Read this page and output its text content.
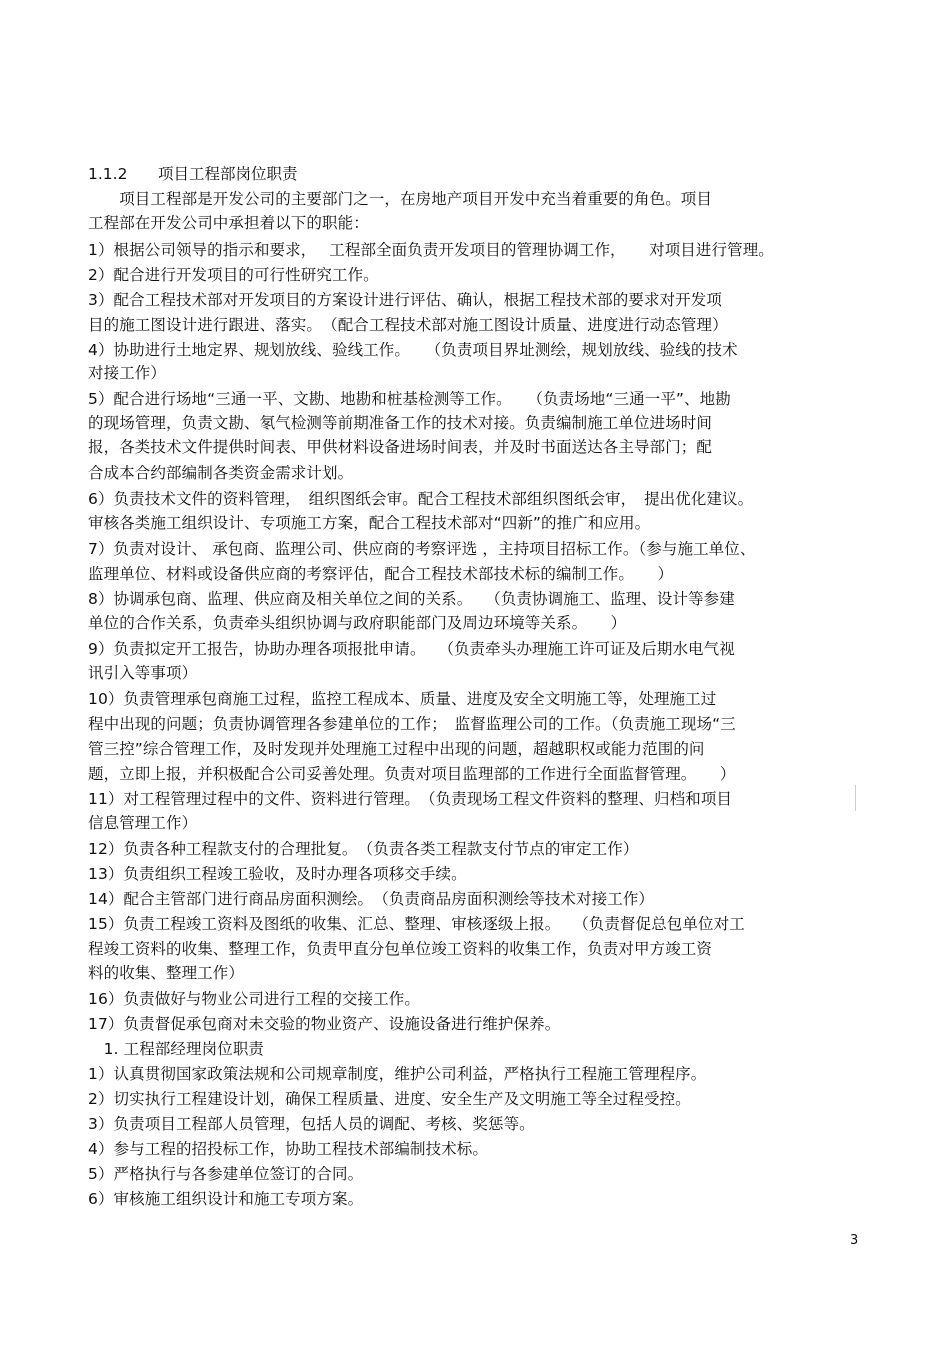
1.1.2 项目工程部岗位职责
　　项目工程部是开发公司的主要部门之一，在房地产项目开发中充当着重要的角色。项目
工程部在开发公司中承担着以下的职能：
1）根据公司领导的指示和要求，　 工程部全面负责开发项目的管理协调工作，　　对项目进行管理。
2）配合进行开发项目的可行性研究工作。
3）配合工程技术部对开发项目的方案设计进行评估、确认，根据工程技术部的要求对开发项
目的施工图设计进行跟进、落实。　（配合工程技术部对施工图设计质量、进度进行动态管理）
4）协助进行土地定界、规划放线、验线工作。　　（负责项目界址测绘，规划放线、验线的技术
对接工作）
5）配合进行场地“三通一平、文勘、地勘和桩基检测等工作。　　（负责场地“三通一平”、地勘
的现场管理，负责文勘、氡气检测等前期准备工作的技术对接。负责编制施工单位进场时间
报，各类技术文件提供时间表、甲供材料设备进场时间表，并及时书面送达各主导部门；配
合成本合约部编制各类资金需求计划。
6）负责技术文件的资料管理，　组织图纸会审。配合工程技术部组织图纸会审，　提出优化建议。
审核各类施工组织设计、专项施工方案，配合工程技术部对“四新”的推广和应用。
7）负责对设计、 承包商、监理公司、供应商的考察评选 ，主持项目招标工作。（参与施工单位、
监理单位、材料或设备供应商的考察评估，配合工程技术部技术标的编制工作。　　）
8）协调承包商、监理、供应商及相关单位之间的关系。　 （负责协调施工、监理、设计等参建
单位的合作关系，负责牵头组织协调与政府职能部门及周边环境等关系。　　）
9）负责拟定开工报告，协助办理各项报批申请。　 （负责牵头办理施工许可证及后期水电气视
讯引入等事项）
10）负责管理承包商施工过程，监控工程成本、质量、进度及安全文明施工等，处理施工过
程中出现的问题；负责协调管理各参建单位的工作；　监督监理公司的工作。（负责施工现场“三
管三控”综合管理工作，及时发现并处理施工过程中出现的问题，超越职权或能力范围的问
题，立即上报，并积极配合公司妥善处理。负责对项目监理部的工作进行全面监督管理。　　）
11）对工程管理过程中的文件、资料进行管理。　（负责现场工程文件资料的整理、归档和项目
信息管理工作）
12）负责各种工程款支付的合理批复。　（负责各类工程款支付节点的审定工作）
13）负责组织工程竣工验收，及时办理各项移交手续。
14）配合主管部门进行商品房面积测绘。　（负责商品房面积测绘等技术对接工作）
15）负责工程竣工资料及图纸的收集、汇总、整理、审核逐级上报。　 （负责督促总包单位对工
程竣工资料的收集、整理工作，负责甲直分包单位竣工资料的收集工作，负责对甲方竣工资
料的收集、整理工作）
16）负责做好与物业公司进行工程的交接工作。
17）负责督促承包商对未交验的物业资产、设施设备进行维护保养。
　1. 工程部经理岗位职责
1）认真贯彻国家政策法规和公司规章制度，维护公司利益，严格执行工程施工管理程序。
2）切实执行工程建设计划，确保工程质量、进度、安全生产及文明施工等全过程受控。
3）负责项目工程部人员管理，包括人员的调配、考核、奖惩等。
4）参与工程的招投标工作，协助工程技术部编制技术标。
5）严格执行与各参建单位签订的合同。
6）审核施工组织设计和施工专项方案。
3
